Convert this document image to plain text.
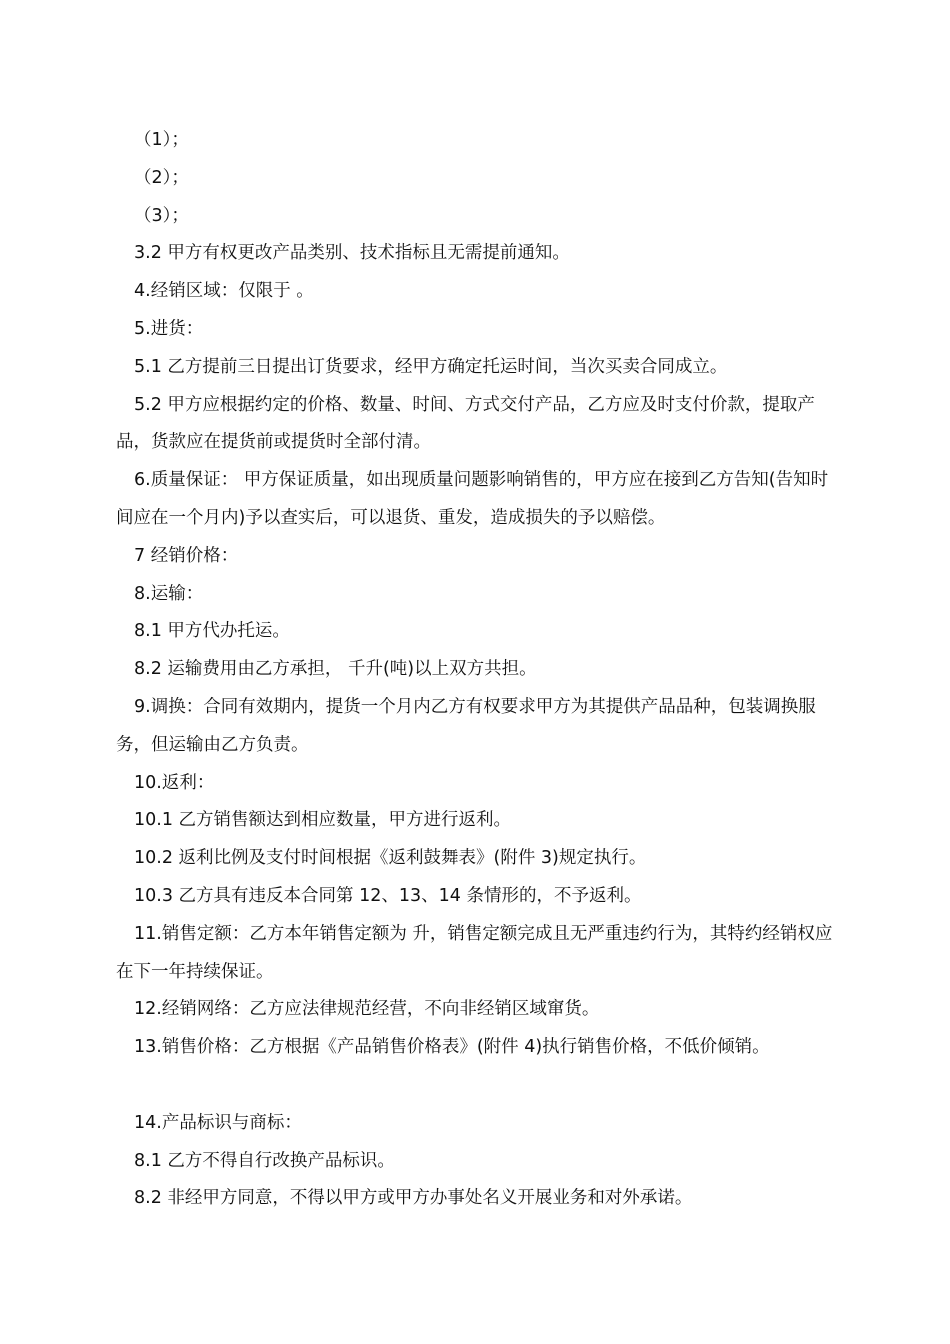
（1）；

（2）；

（3）；

3.2 甲方有权更改产品类别、技术指标且无需提前通知。

4.经销区域：仅限于 。

5.进货：

5.1 乙方提前三日提出订货要求，经甲方确定托运时间，当次买卖合同成立。

5.2 甲方应根据约定的价格、数量、时间、方式交付产品，乙方应及时支付价款，提取产品，货款应在提货前或提货时全部付清。

6.质量保证： 甲方保证质量，如出现质量问题影响销售的，甲方应在接到乙方告知(告知时间应在一个月内)予以查实后，可以退货、重发，造成损失的予以赔偿。

7 经销价格：

8.运输：

8.1 甲方代办托运。

8.2 运输费用由乙方承担， 千升(吨)以上双方共担。

9.调换：合同有效期内，提货一个月内乙方有权要求甲方为其提供产品品种，包装调换服务，但运输由乙方负责。

10.返利：

10.1 乙方销售额达到相应数量，甲方进行返利。

10.2 返利比例及支付时间根据《返利鼓舞表》(附件 3)规定执行。

10.3 乙方具有违反本合同第 12、13、14 条情形的，不予返利。

11.销售定额：乙方本年销售定额为 升，销售定额完成且无严重违约行为，其特约经销权应在下一年持续保证。

12.经销网络：乙方应法律规范经营，不向非经销区域窜货。

13.销售价格：乙方根据《产品销售价格表》(附件 4)执行销售价格，不低价倾销。

14.产品标识与商标：

8.1 乙方不得自行改换产品标识。

8.2 非经甲方同意，不得以甲方或甲方办事处名义开展业务和对外承诺。
